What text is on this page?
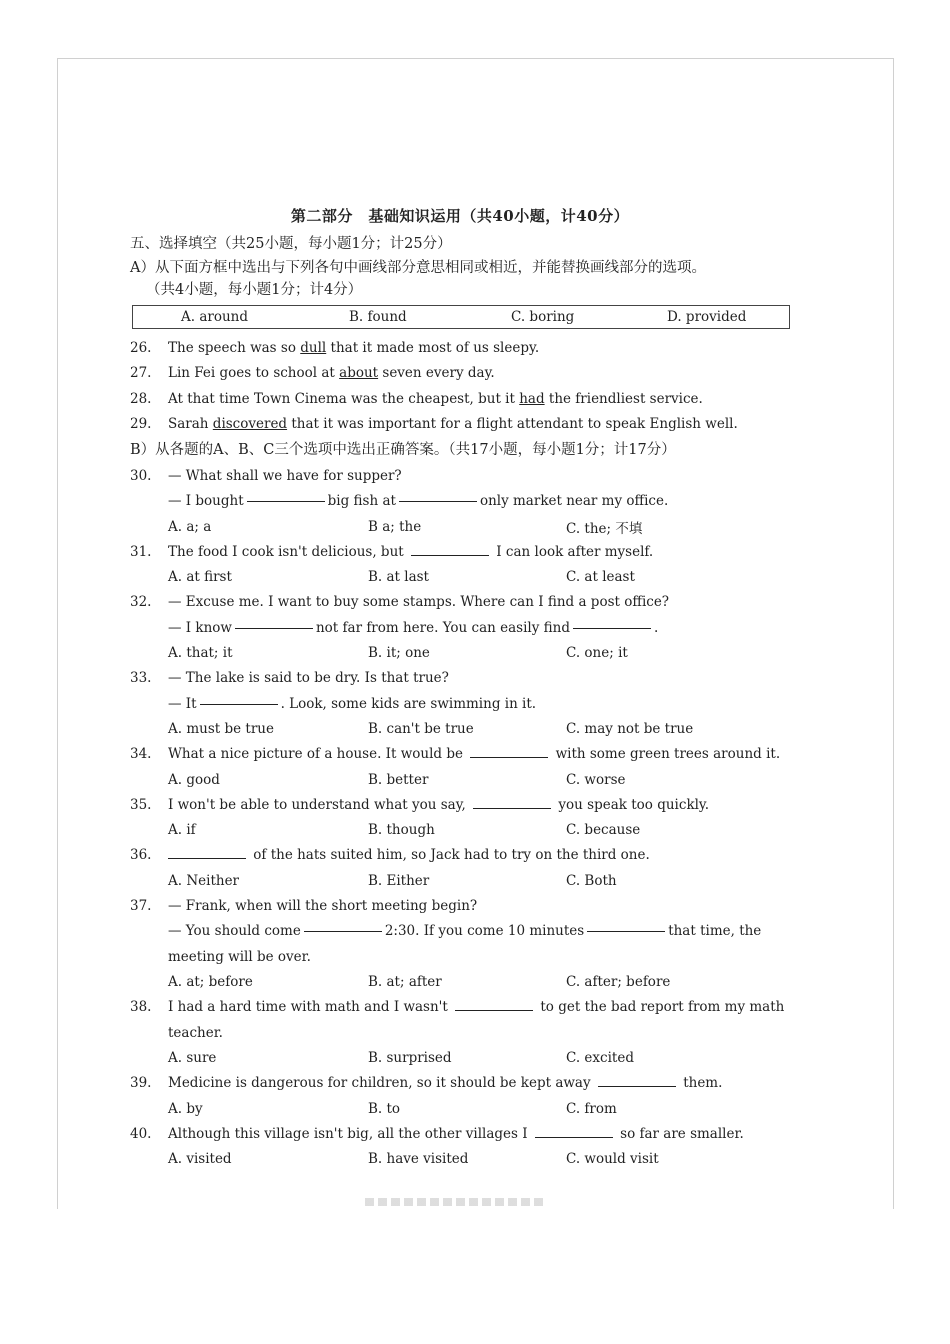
第二部分　基础知识运用（共40小题，计40分）
五、选择填空（共25小题，每小题1分；计25分）
A）从下面方框中选出与下列各句中画线部分意思相同或相近，并能替换画线部分的选项。
（共4小题，每小题1分；计4分）
A. around	B. found	C. boring	D. provided
26.	The speech was so dull that it made most of us sleepy.
27.	Lin Fei goes to school at about seven every day.
28.	At that time Town Cinema was the cheapest, but it had the friendliest service.
29.	Sarah discovered that it was important for a flight attendant to speak English well.
B）从各题的A、B、C三个选项中选出正确答案。（共17小题，每小题1分；计17分）
30.	— What shall we have for supper?
— I bought	big fish at	only market near my office.
A. a; a	B a; the	C. the; 不填
31.	The food I cook isn't delicious, but	I can look after myself.
A. at first	B. at last	C. at least
32.	— Excuse me. I want to buy some stamps. Where can I find a post office?
— I know	not far from here. You can easily find	.
A. that; it	B. it; one	C. one; it
33.	— The lake is said to be dry. Is that true?
— It	. Look, some kids are swimming in it.
A. must be true	B. can't be true	C. may not be true
34.	What a nice picture of a house. It would be	with some green trees around it.
A. good	B. better	C. worse
35.	I won't be able to understand what you say,	you speak too quickly.
A. if	B. though	C. because
36.	of the hats suited him, so Jack had to try on the third one.
A. Neither	B. Either	C. Both
37.	— Frank, when will the short meeting begin?
— You should come	2:30. If you come 10 minutes	that time, the
meeting will be over.
A. at; before	B. at; after	C. after; before
38.	I had a hard time with math and I wasn't	to get the bad report from my math
teacher.
A. sure	B. surprised	C. excited
39.	Medicine is dangerous for children, so it should be kept away	them.
A. by	B. to	C. from
40.	Although this village isn't big, all the other villages I	so far are smaller.
A. visited	B. have visited	C. would visit
